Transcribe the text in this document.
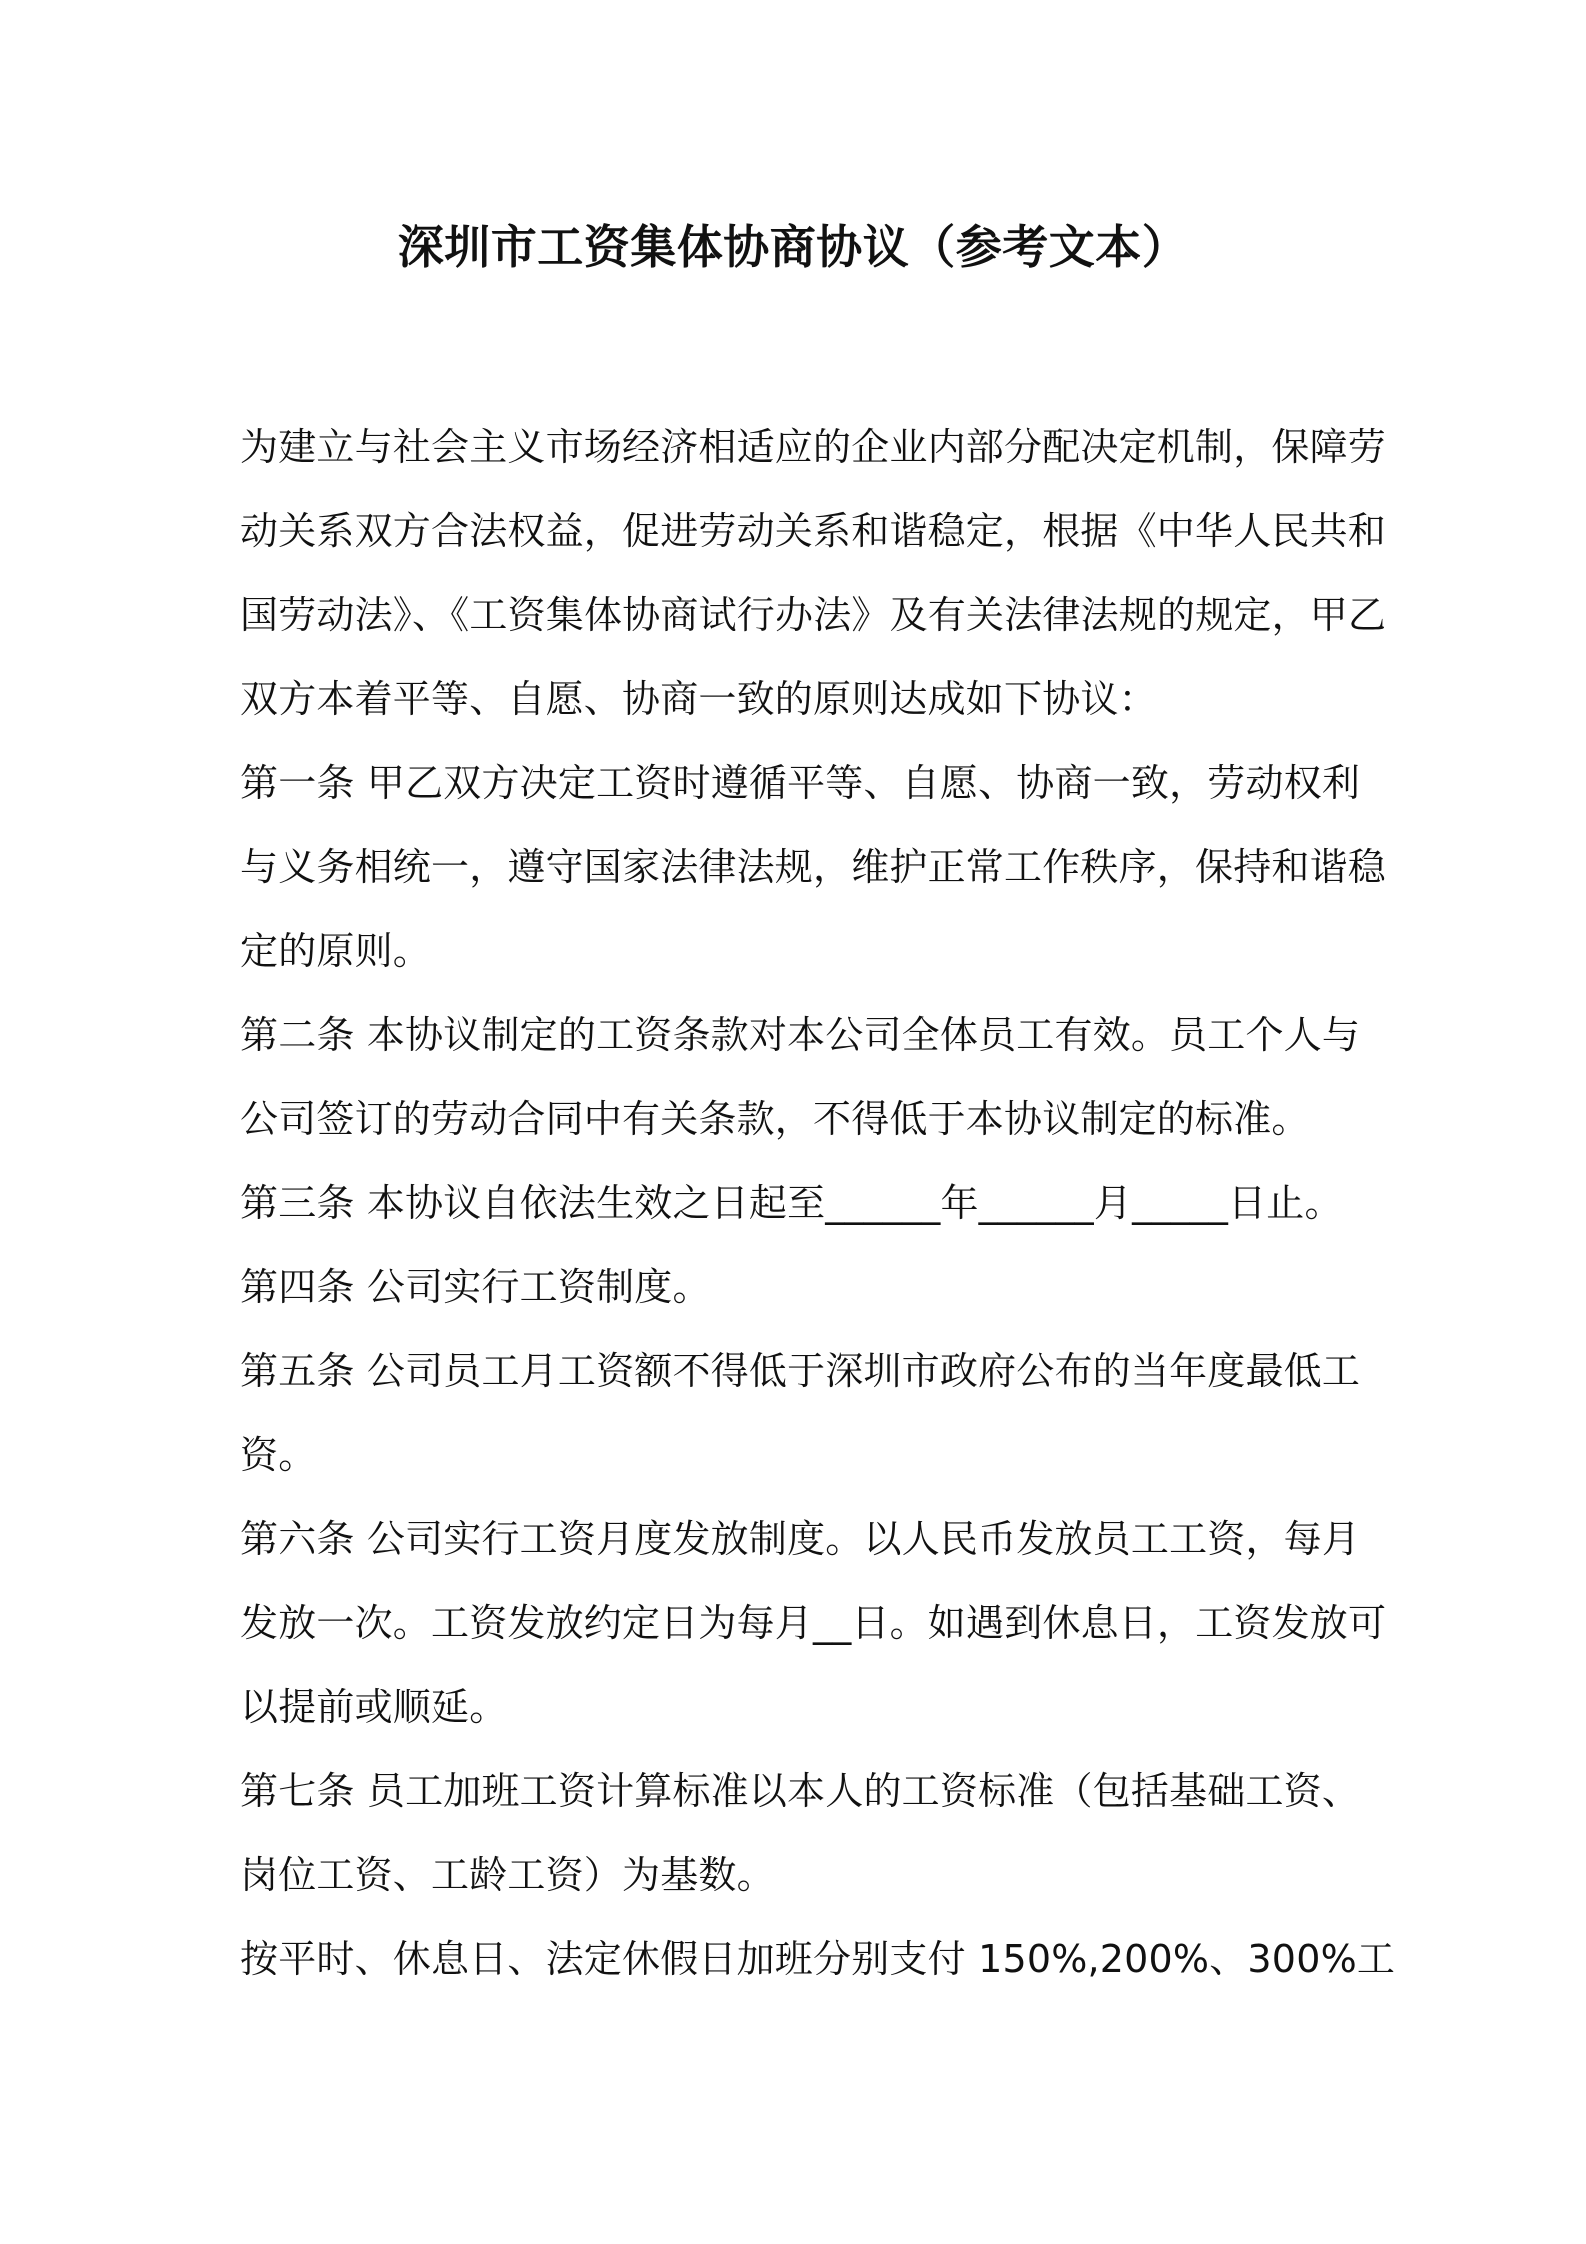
深圳市工资集体协商协议（参考文本）
为建立与社会主义市场经济相适应的企业内部分配决定机制，保障劳
动关系双方合法权益，促进劳动关系和谐稳定，根据《中华人民共和
国劳动法》、《工资集体协商试行办法》及有关法律法规的规定，甲乙
双方本着平等、自愿、协商一致的原则达成如下协议：
第一条 甲乙双方决定工资时遵循平等、自愿、协商一致，劳动权利
与义务相统一，遵守国家法律法规，维护正常工作秩序，保持和谐稳
定的原则。
第二条 本协议制定的工资条款对本公司全体员工有效。员工个人与
公司签订的劳动合同中有关条款，不得低于本协议制定的标准。
第三条 本协议自依法生效之日起至______年______月_____日止。
第四条 公司实行工资制度。
第五条 公司员工月工资额不得低于深圳市政府公布的当年度最低工
资。
第六条 公司实行工资月度发放制度。以人民币发放员工工资，每月
发放一次。工资发放约定日为每月__日。如遇到休息日，工资发放可
以提前或顺延。
第七条 员工加班工资计算标准以本人的工资标准（包括基础工资、
岗位工资、工龄工资）为基数。
按平时、休息日、法定休假日加班分别支付 150%,200%、300%工
